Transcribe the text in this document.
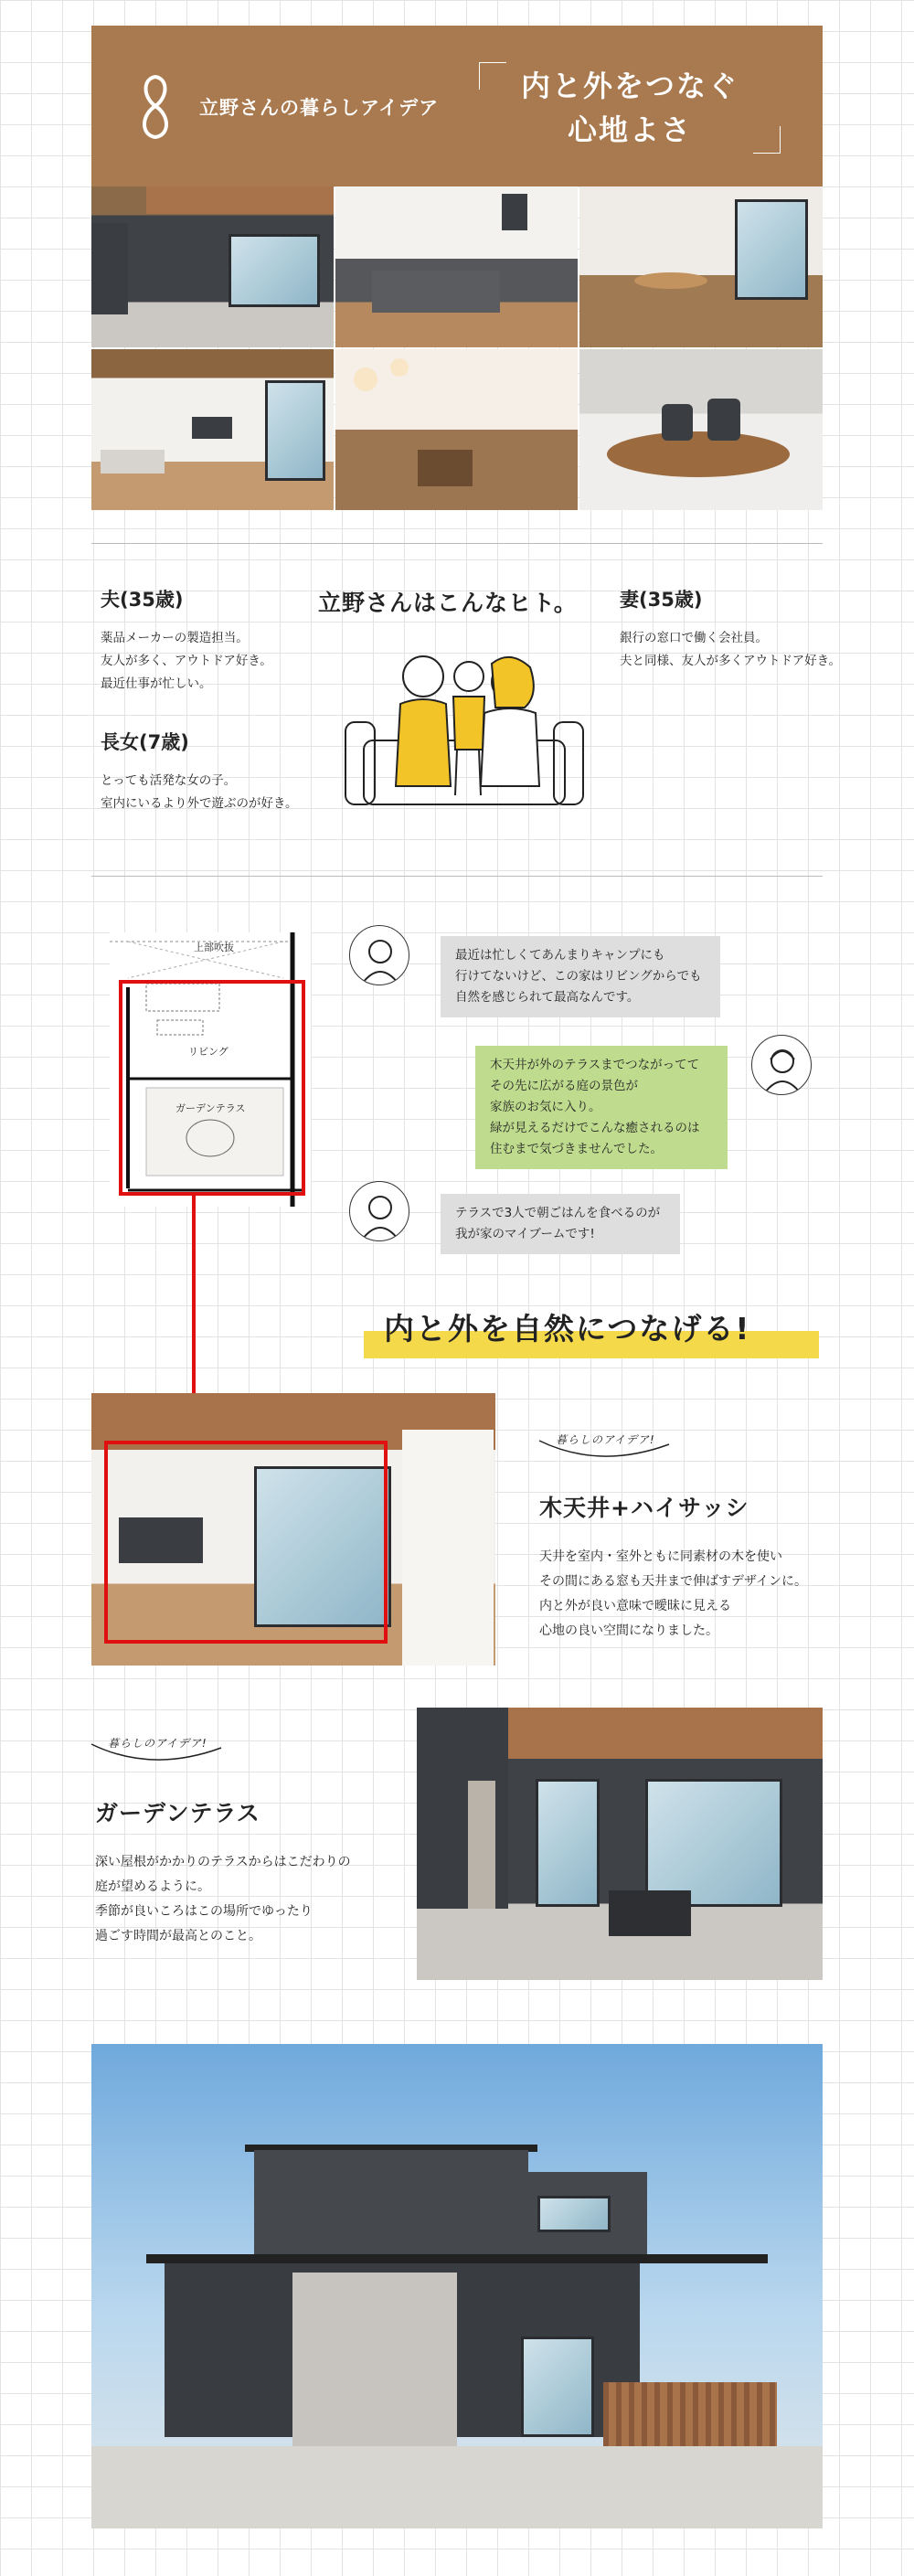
立野さんの暮らしアイデア
内と外をつなぐ
心地よさ
夫(35歳)
薬品メーカーの製造担当。
友人が多く、アウトドア好き。
最近仕事が忙しい。
長女(7歳)
とっても活発な女の子。
室内にいるより外で遊ぶのが好き。
立野さんはこんなヒト。 妻(35歳)
銀行の窓口で働く会社員。
夫と同様、友人が多くアウトドア好き。
上部吹抜
リビング
ガーデンテラス
最近は忙しくてあんまりキャンプにも
行けてないけど、この家はリビングからでも
自然を感じられて最高なんです。
木天井が外のテラスまでつながってて
その先に広がる庭の景色が
家族のお気に入り。
緑が見えるだけでこんな癒されるのは
住むまで気づきませんでした。
テラスで3人で朝ごはんを食べるのが
我が家のマイブームです!
内と外を自然につなげる!
暮らしのアイデア!
木天井+ハイサッシ
天井を室内・室外ともに同素材の木を使い
その間にある窓も天井まで伸ばすデザインに。
内と外が良い意味で曖昧に見える
心地の良い空間になりました。
暮らしのアイデア!
ガーデンテラス
深い屋根がかかりのテラスからはこだわりの
庭が望めるように。
季節が良いころはこの場所でゆったり
過ごす時間が最高とのこと。
